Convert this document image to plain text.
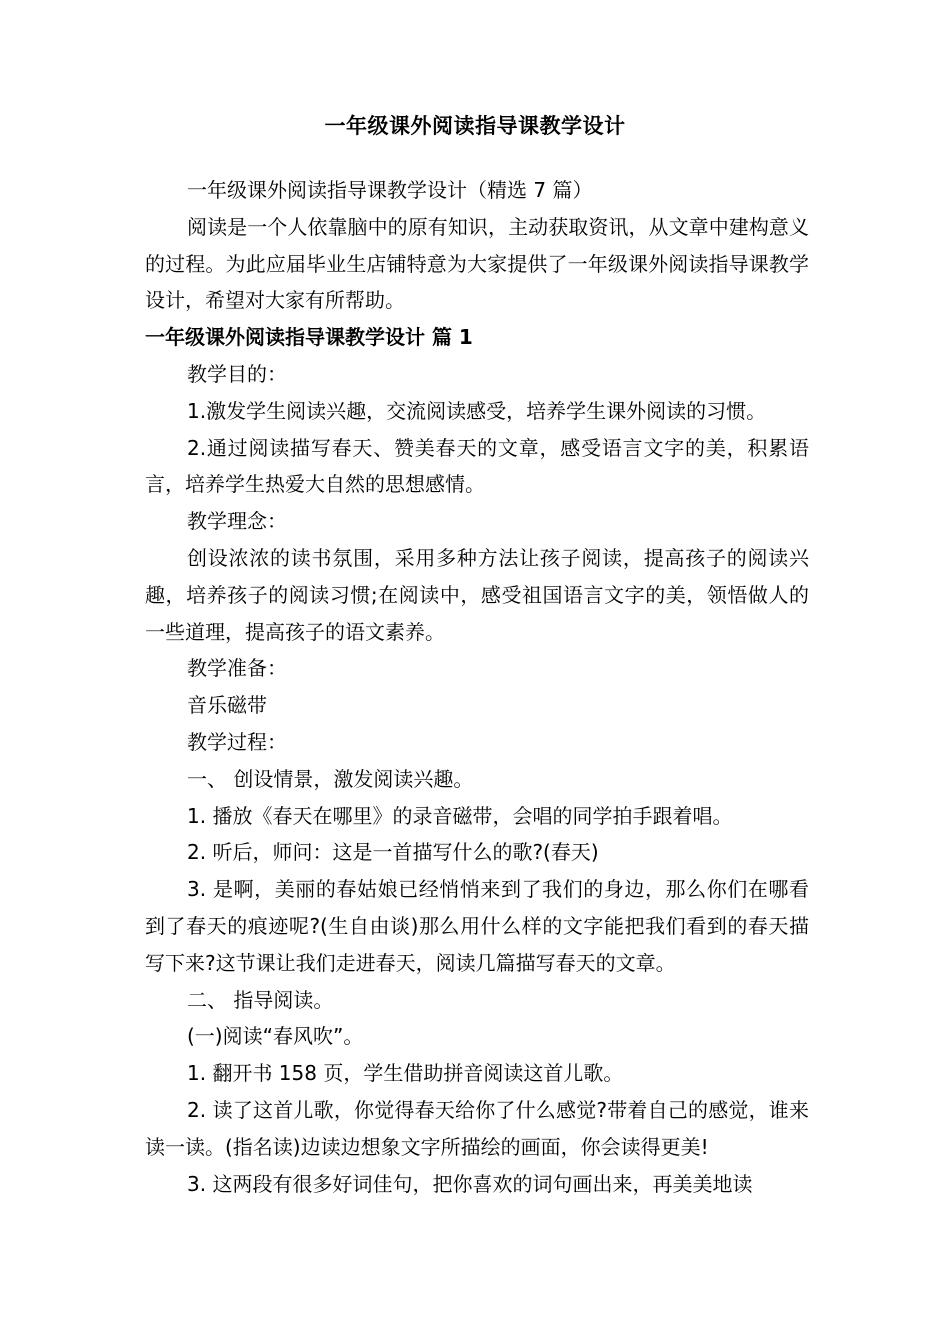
一年级课外阅读指导课教学设计

一年级课外阅读指导课教学设计（精选 7 篇）

阅读是一个人依靠脑中的原有知识，主动获取资讯，从文章中建构意义的过程。为此应届毕业生店铺特意为大家提供了一年级课外阅读指导课教学设计，希望对大家有所帮助。

一年级课外阅读指导课教学设计 篇 1

教学目的：

1.激发学生阅读兴趣，交流阅读感受，培养学生课外阅读的习惯。

2.通过阅读描写春天、赞美春天的文章，感受语言文字的美，积累语言，培养学生热爱大自然的思想感情。

教学理念：

创设浓浓的读书氛围，采用多种方法让孩子阅读，提高孩子的阅读兴趣，培养孩子的阅读习惯;在阅读中，感受祖国语言文字的美，领悟做人的一些道理，提高孩子的语文素养。

教学准备：

音乐磁带

教学过程：

一、 创设情景，激发阅读兴趣。

1. 播放《春天在哪里》的录音磁带，会唱的同学拍手跟着唱。

2. 听后，师问：这是一首描写什么的歌?(春天)

3. 是啊，美丽的春姑娘已经悄悄来到了我们的身边，那么你们在哪看到了春天的痕迹呢?(生自由谈)那么用什么样的文字能把我们看到的春天描写下来?这节课让我们走进春天，阅读几篇描写春天的文章。

二、 指导阅读。

(一)阅读“春风吹”。

1. 翻开书 158 页，学生借助拼音阅读这首儿歌。

2. 读了这首儿歌，你觉得春天给你了什么感觉?带着自己的感觉，谁来读一读。(指名读)边读边想象文字所描绘的画面，你会读得更美!

3. 这两段有很多好词佳句，把你喜欢的词句画出来，再美美地读
